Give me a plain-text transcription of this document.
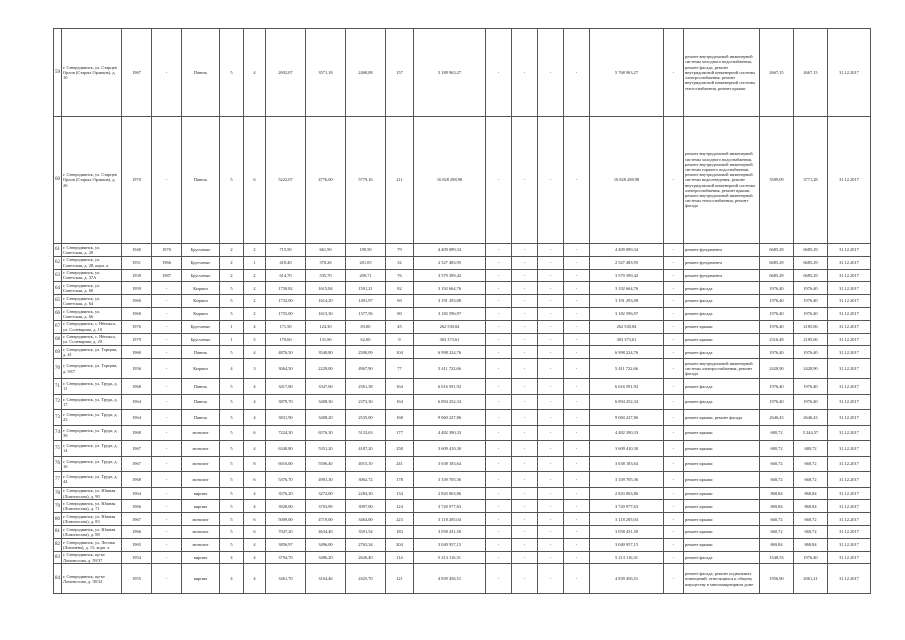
59	г. Северодвинск, ул. Старцев Орлов (Старых Орликов), д. 10	1967	-	Панель	5	4	2692,07	3571,18	2468,08	157	5 188 963,27	-	-	-	-	5 768 963,27	-	ремонт внутридомовой инженерной системы холодного водоснабжения, ремонт фасада, ремонт внутридомовой инженерной системы электроснабжения, ремонт внутридомовой инженерной системы теплоснабжения, ремонт крыши	2667,15	2667,15	31.12.2017
60	г. Северодвинск, ул. Старцев Орлов (Старых Орликов), д. 26	1970	-	Панель	5	6	5222,07	4776,00	5779,16	211	16 828 288,98	-	-	-	-	16 828 288,98	-	ремонт внутридомовой инженерной системы холодного водоснабжения, ремонт внутридомовой инженерной системы горячего водоснабжения, ремонт внутридомовой инженерной системы водоотведения, ремонт внутридомовой инженерной системы электроснабжения, ремонт крыши, ремонт внутридомовой инженерной системы теплоснабжения, ремонт фасада	3589,09	3771,28	31.12.2017
61	г. Северодвинск, ул. Советская, д. 20	1940	1970	Брусчатые	2	2	715,50	661,90	199,50	79	4 409 089,34	-	-	-	-	4 409 089,34	-	ремонт фундамента	6685,29	6685,29	31.12.2017
62	г. Северодвинск, ул. Советская, д. 28, корп. а	1951	1966	Брусчатые	2	1	418,40	378,26	201,05	32	2 527 483,95	-	-	-	-	2 527 483,95	-	ремонт фундамента	6685,29	6685,29	31.12.2017
63	г. Северодвинск, ул. Советская, д. 37А	1939	1987	Брусчатые	2	2	614,70	535,70	209,71	76	3 579 399,42	-	-	-	-	3 579 399,42	-	ремонт фундамента	6685,29	6685,29	31.12.2017
64	г. Северодвинск, ул. Советская, д. 60	1959	-	Кирпич	5	2	1750,82	1615,84	1501,21	82	3 192 664,76	-	-	-	-	3 192 664,76	-	ремонт фасада	1976,40	1976,40	31.12.2017
65	г. Северодвинск, ул. Советская, д. 64	1960	-	Кирпич	5	2	1732,00	1614,20	1491,97	69	3 191 293,08	-	-	-	-	3 191 293,08	-	ремонт фасада	1976,40	1976,40	31.12.2017
66	г. Северодвинск, ул. Советская, д. 66	1960	-	Кирпич	5	2	1755,00	1613,30	1377,56	80	3 182 596,97	-	-	-	-	3 182 596,97	-	ремонт фасада	1976,40	1976,40	31.12.2017
67	г. Северодвинск, с. Нёнокса, ул. Солеварова, д. 10	1976	-	Брусчатые	1	4	171,50	124,30	83,00	45	262 530,84	-	-	-	-	262 530,84	-	ремонт крыши	1976,40	2185,06	31.12.2017
68	г. Северодвинск, с. Нёнокса, ул. Солеварова, д. 20	1979	-	Брусчатые	1	5	170,60	131,90	62,00	9	303 373,61	-	-	-	-	303 373,61	-	ремонт крыши	2316,48	2185,06	31.12.2017
69	г. Северодвинск, ул. Торцева, д. 41	1960	-	Панель	5	4	4876,50	3540,80	2500,09	104	6 998 224,76	-	-	-	-	6 998 224,76	-	ремонт фасада	1976,40	1976,40	31.12.2017
70	г. Северодвинск, ул. Торцева, д. 59/7	1956	-	Кирпич	4	3	3064,50	2229,00	4967,90	77	5 411 722,66	-	-	-	-	5 411 722,66	-	ремонт внутридомовой инженерной системы электроснабжения, ремонт фасада	2428,90	2428,90	31.12.2017
71	г. Северодвинск, ул. Труда, д. 11	1968	-	Панель	5	4	3417,80	3347,60	2561,38	164	6 616 591,92	-	-	-	-	6 616 591,92	-	ремонт фасада	1976,40	1976,40	31.12.2017
72	г. Северодвинск, ул. Труда, д. 17	1964	-	Панель	5	4	3879,70	3408,30	2373,30	164	6 894 252,34	-	-	-	-	6 894 252,34	-	ремонт фасада	1976,40	1976,40	31.12.2017
73	г. Северодвинск, ул. Труда, д. 25	1964	-	Панель	5	4	3831,90	3408,20	2535,00	168	9 060 227,86	-	-	-	-	9 060 227,86	-	ремонт крыши, ремонт фасада	2646,43	2646,43	31.12.2017
74	г. Северодвинск, ул. Труда, д. 39	1968	-	монолит	5	6	7224,30	6576,30	5133,63	177	4 482 390,33	-	-	-	-	4 482 390,33	-	ремонт крыши	680,72	5 244,37	31.12.2017
75	г. Северодвинск, ул. Труда, д. 14	1967	-	монолит	5	4	6340,80	5351,20	4187,20	258	3 609 410,30	-	-	-	-	3 609 410,30	-	ремонт крыши	680,72	680,72	31.12.2017
76	г. Северодвинск, ул. Труда, д. 16	1967	-	монолит	5	8	6016,00	5506,40	4015,10	241	3 638 183,64	-	-	-	-	3 638 183,64	-	ремонт крыши	660,72	660,72	31.12.2017
77	г. Северодвинск, ул. Труда, д. 44	1968	-	монолит	5	6	5376,70	4901,30	3062,72	178	3 339 705,36	-	-	-	-	3 339 705,36	-	ремонт крыши	668,72	668,72	31.12.2017
78	г. Северодвинск, ул. Южная (Ломоносова), д. 90	1964	-	кирпич	5	4	3576,20	3272,00	2284,30	134	2 843 063,86	-	-	-	-	2 843 063,86	-	ремонт крыши	868,84	868,84	31.12.2017
79	г. Северодвинск, ул. Южная (Ломоносова), д. 71	1966	-	кирпич	5	4	3928,00	3703,89	3997,00	124	3 720 977,63	-	-	-	-	3 720 977,63	-	ремонт крыши	869,84	868,84	31.12.2017
80	г. Северодвинск, ул. Южная (Ломоносова), д. 83	1967	-	монолит	5	6	5009,00	4719,00	3464,00	223	3 118 205,04	-	-	-	-	3 118 205,04	-	ремонт крыши	660,72	660,72	31.12.2017
81	г. Северодвинск, ул. Южная (Ломоносова), д. 88	1966	-	монолит	5	6	7047,20	4634,40	3501,54	183	3 058 431,50	-	-	-	-	3 058 431,50	-	ремонт крыши	660,72	660,72	31.12.2017
82	г. Северодвинск, ул. Лесная (Лихачёва), д. 15, корп. а	1965	-	монолит	5	4	3856,97	3496,00	2763,34	204	3 040 957,15	-	-	-	-	3 040 957,15	-	ремонт крыши	869,84	868,84	31.12.2017
83	г. Северодвинск, пр-кт Ломоносова, д. 59/37	1954	-	кирпич	4	4	3794,70	3486,20	2626,40	114	5 213 116,31	-	-	-	-	5 213 116,31	-	ремонт фасада	1548,53	1976,40	31.12.2017
84	г. Северодвинск, пр-кт Ломоносова, д. 58/32	1955	-	кирпич	4	4	3461,70	3164,46	2425,70	121	4 839 456,51	-	-	-	-	4 839 456,51	-	ремонт фасада, ремонт подвальных помещений, относящихся к общему имуществу в многоквартирном доме	1956,90	2061,21	31.12.2017
